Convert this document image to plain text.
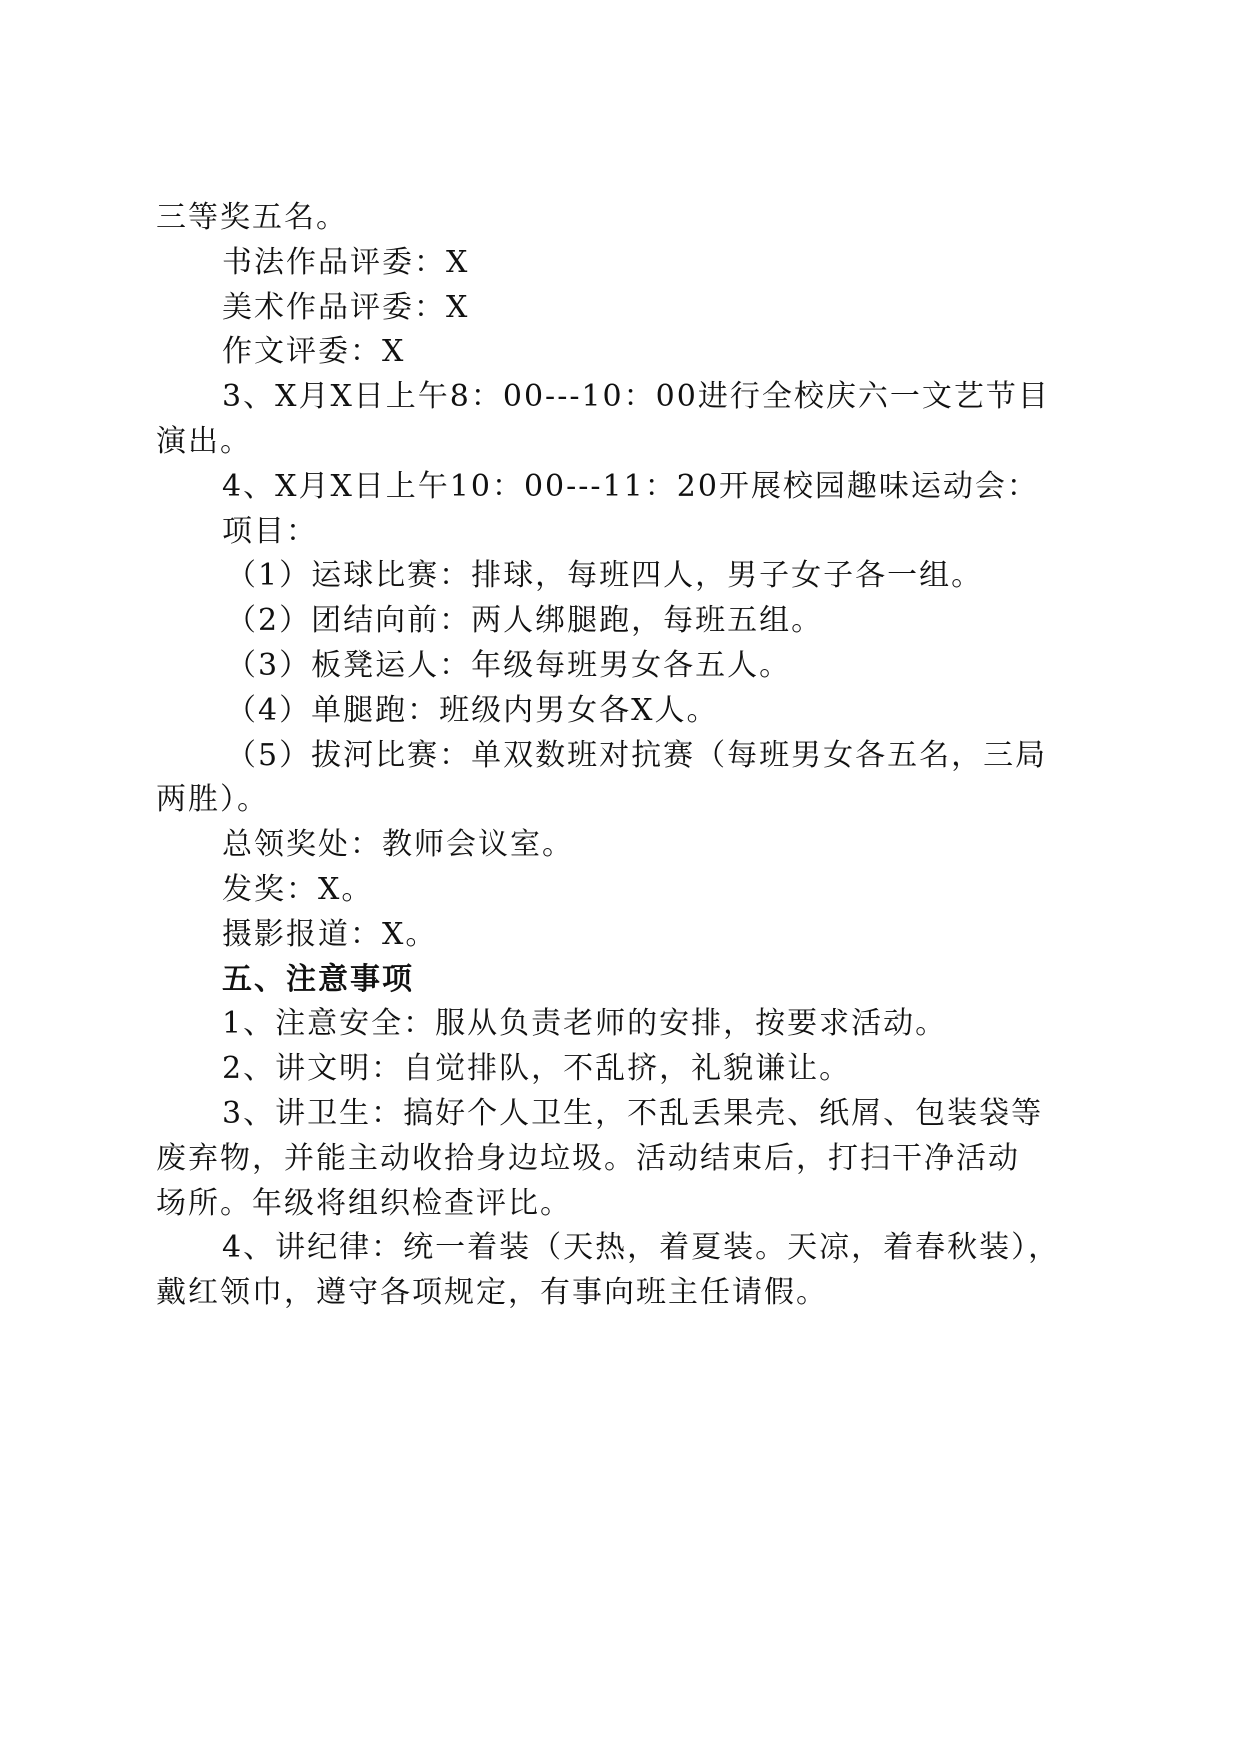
三等奖五名。
书法作品评委：X
美术作品评委：X
作文评委：X
3、X月X日上午8：00---10：00进行全校庆六一文艺节目
演出。
4、X月X日上午10：00---11：20开展校园趣味运动会：
项目：
（1）运球比赛：排球，每班四人，男子女子各一组。
（2）团结向前：两人绑腿跑，每班五组。
（3）板凳运人：年级每班男女各五人。
（4）单腿跑：班级内男女各X人。
（5）拔河比赛：单双数班对抗赛（每班男女各五名，三局
两胜）。
总领奖处：教师会议室。
发奖：X。
摄影报道：X。
五、注意事项
1、注意安全：服从负责老师的安排，按要求活动。
2、讲文明：自觉排队，不乱挤，礼貌谦让。
3、讲卫生：搞好个人卫生，不乱丢果壳、纸屑、包装袋等
废弃物，并能主动收拾身边垃圾。活动结束后，打扫干净活动
场所。年级将组织检查评比。
4、讲纪律：统一着装（天热，着夏装。天凉，着春秋装），
戴红领巾，遵守各项规定，有事向班主任请假。
